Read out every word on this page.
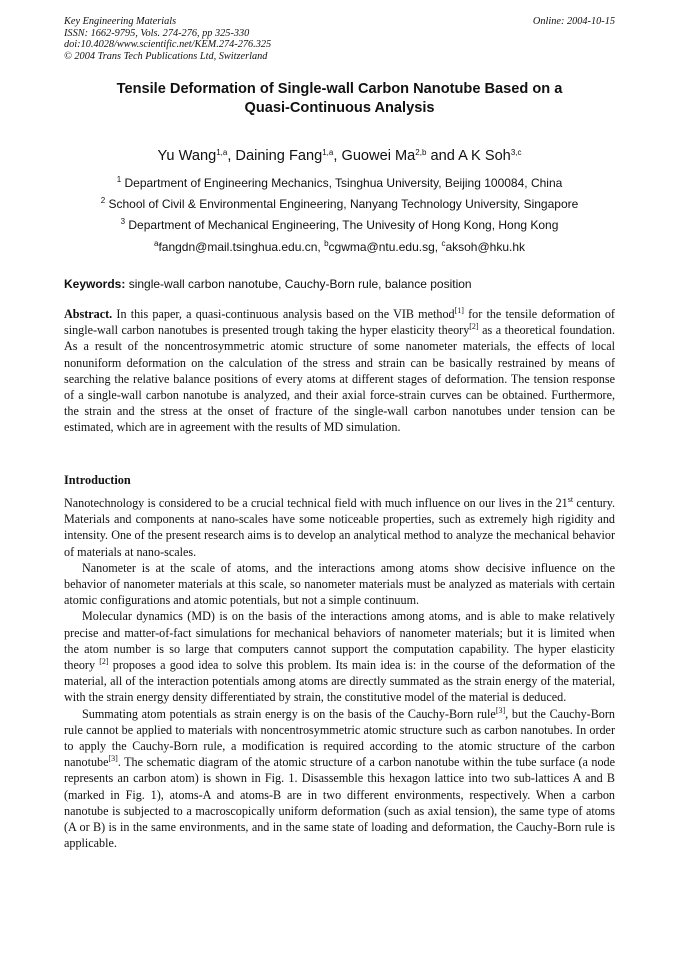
Key Engineering Materials	Online: 2004-10-15
ISSN: 1662-9795, Vols. 274-276, pp 325-330
doi:10.4028/www.scientific.net/KEM.274-276.325
© 2004 Trans Tech Publications Ltd, Switzerland
Tensile Deformation of Single-wall Carbon Nanotube Based on a
Quasi-Continuous Analysis
Yu Wang$^{1,a}$, Daining Fang$^{1,a}$, Guowei Ma$^{2,b}$ and A K Soh$^{3,c}$
$^1$ Department of Engineering Mechanics, Tsinghua University, Beijing 100084, China
$^2$ School of Civil & Environmental Engineering, Nanyang Technology University, Singapore
$^3$ Department of Mechanical Engineering, The Univesity of Hong Kong, Hong Kong
$^a$fangdn@mail.tsinghua.edu.cn, $^b$cgwma@ntu.edu.sg, $^c$aksoh@hku.hk
Keywords: single-wall carbon nanotube, Cauchy-Born rule, balance position

Abstract. In this paper, a quasi-continuous analysis based on the VIB method[1] for the tensile deformation of single-wall carbon nanotubes is presented trough taking the hyper elasticity theory[2] as a theoretical foundation. As a result of the noncentrosymmetric atomic structure of some nanometer materials, the effects of local nonuniform deformation on the calculation of the stress and strain can be basically restrained by means of searching the relative balance positions of every atoms at different stages of deformation. The tension response of a single-wall carbon nanotube is analyzed, and their axial force-strain curves can be obtained. Furthermore, the strain and the stress at the onset of fracture of the single-wall carbon nanotubes under tension can be estimated, which are in agreement with the results of MD simulation.

Introduction

Nanotechnology is considered to be a crucial technical field with much influence on our lives in the 21st century. Materials and components at nano-scales have some noticeable properties, such as extremely high rigidity and intensity. One of the present research aims is to develop an analytical method to analyze the mechanical behavior of materials at nano-scales.

Nanometer is at the scale of atoms, and the interactions among atoms show decisive influence on the behavior of nanometer materials at this scale, so nanometer materials must be analyzed as materials with certain atomic configurations and atomic potentials, but not a simple continuum.

Molecular dynamics (MD) is on the basis of the interactions among atoms, and is able to make relatively precise and matter-of-fact simulations for mechanical behaviors of nanometer materials; but it is limited when the atom number is so large that computers cannot support the computation capability. The hyper elasticity theory [2] proposes a good idea to solve this problem. Its main idea is: in the course of the deformation of the material, all of the interaction potentials among atoms are directly summated as the strain energy of the material, with the strain energy density differentiated by strain, the constitutive model of the material is deduced.

Summating atom potentials as strain energy is on the basis of the Cauchy-Born rule[3], but the Cauchy-Born rule cannot be applied to materials with noncentrosymmetric atomic structure such as carbon nanotubes. In order to apply the Cauchy-Born rule, a modification is required according to the atomic structure of the carbon nanotube[3]. The schematic diagram of the atomic structure of a carbon nanotube within the tube surface (a node represents an carbon atom) is shown in Fig. 1. Disassemble this hexagon lattice into two sub-lattices A and B (marked in Fig. 1), atoms-A and atoms-B are in two different environments, respectively. When a carbon nanotube is subjected to a macroscopically uniform deformation (such as axial tension), the same type of atoms (A or B) is in the same environments, and in the same state of loading and deformation, the Cauchy-Born rule is applicable.
